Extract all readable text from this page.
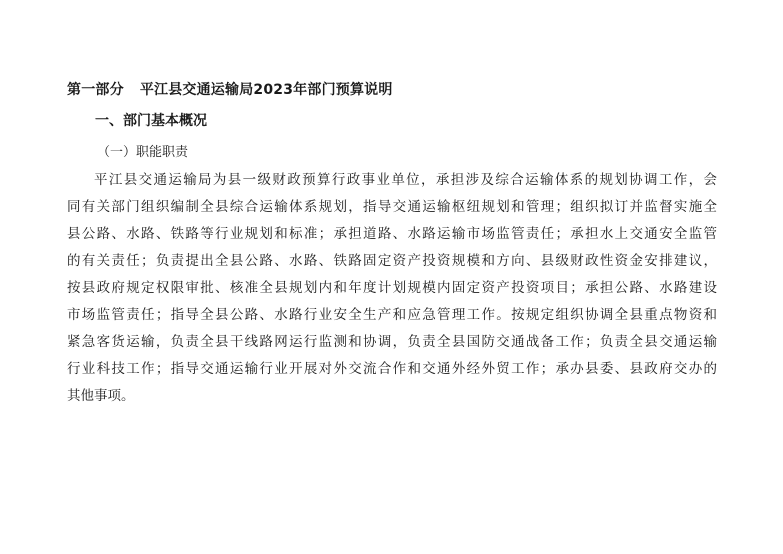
第一部分 平江县交通运输局2023年部门预算说明
一、部门基本概况
（一）职能职责
平江县交通运输局为县一级财政预算行政事业单位，承担涉及综合运输体系的规划协调工作，会
同有关部门组织编制全县综合运输体系规划，指导交通运输枢纽规划和管理；组织拟订并监督实施全
县公路、水路、铁路等行业规划和标准；承担道路、水路运输市场监管责任；承担水上交通安全监管
的有关责任；负责提出全县公路、水路、铁路固定资产投资规模和方向、县级财政性资金安排建议，
按县政府规定权限审批、核准全县规划内和年度计划规模内固定资产投资项目；承担公路、水路建设
市场监管责任；指导全县公路、水路行业安全生产和应急管理工作。按规定组织协调全县重点物资和
紧急客货运输，负责全县干线路网运行监测和协调，负责全县国防交通战备工作；负责全县交通运输
行业科技工作；指导交通运输行业开展对外交流合作和交通外经外贸工作；承办县委、县政府交办的
其他事项。
